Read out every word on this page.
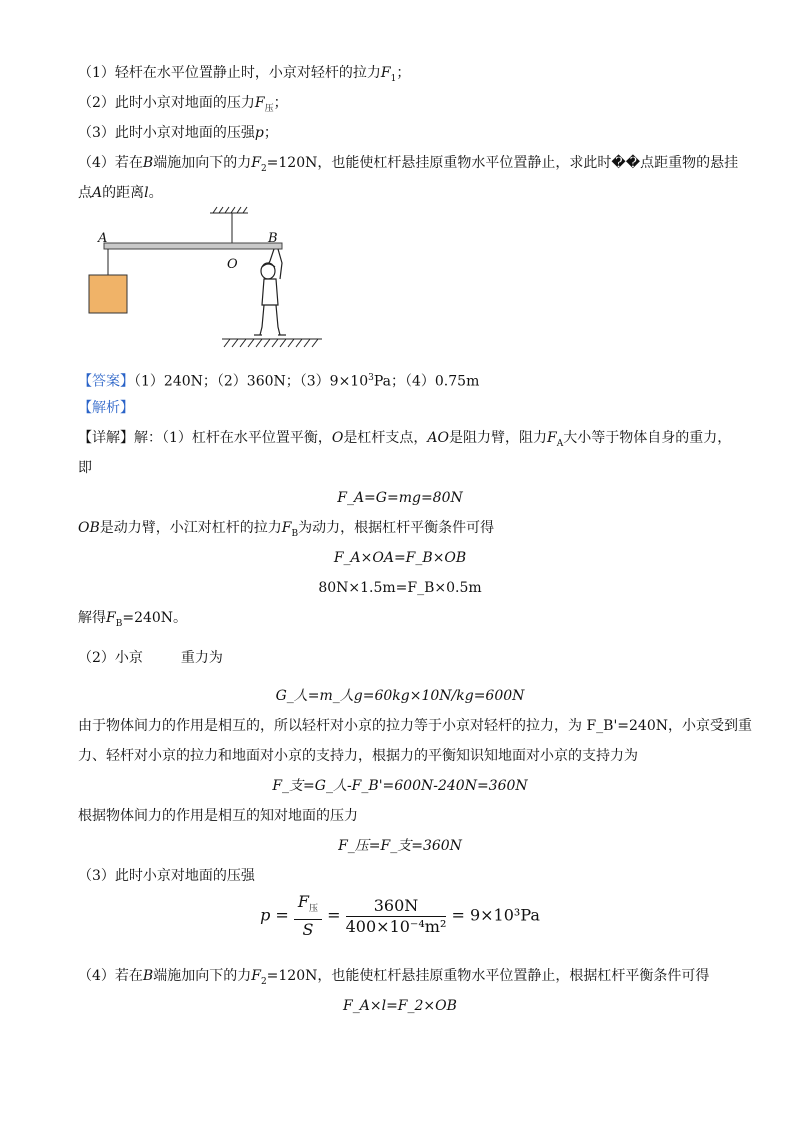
（1）轻杆在水平位置静止时，小京对轻杆的拉力$F_1$；
（2）此时小京对地面的压力$F_压$；
（3）此时小京对地面的压强p；
（4）若在B端施加向下的力$F_2=120N$，也能使杠杆悬挂原重物水平位置静止，求此时��点距重物的悬挂
点A的距离l。
A	B
O
【答案】（1）240N；（2）360N；$(3)9\times 10^3Pa$；（4）0.75m
【解析】
【详解】解：（1）杠杆在水平位置平衡，O是杠杆支点，AO是阻力臂，阻力$F_A$大小等于物体自身的重力，
即
F_A=G=mg=80N
OB是动力臂，小江对杠杆的拉力$F_B$为动力，根据杠杆平衡条件可得
F_A×OA=F_B×OB
80N×1.5m=F_B×0.5m
解得$F_B=240N$。
（2）小京	重力为
G_人=m_人g=60kg×10N/kg=600N
由于物体间力的作用是相互的，所以轻杆对小京的拉力等于小京对轻杆的拉力，为 F_B'=240N，小京受到重
力、轻杆对小京的拉力和地面对小京的支持力，根据力的平衡知识知地面对小京的支持力为
F_支=G_人-F_B'=600N-240N=360N
根据物体间力的作用是相互的知对地面的压力
F_压=F_支=360N
（3）此时小京对地面的压强
$p = \frac{F_压}{S} = \frac{360N}{\text{400×10⁻⁴m²}} = 9\times 10^3Pa$
（4）若在B端施加向下的力$F_2=120N$，也能使杠杆悬挂原重物水平位置静止，根据杠杆平衡条件可得
F_A×l=F_2×OB
